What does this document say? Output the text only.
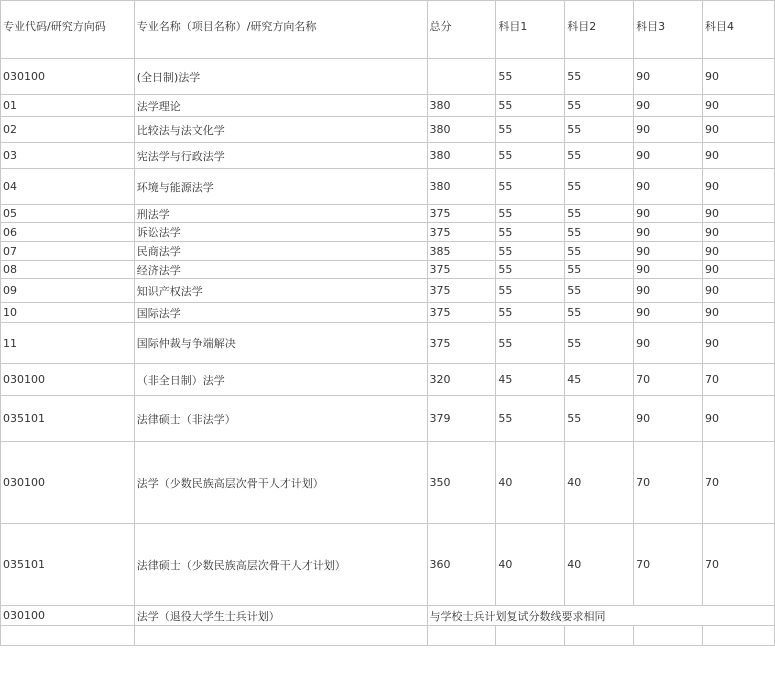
专业代码/研究方向码	专业名称（项目名称）/研究方向名称	总分	科目1	科目2	科目3	科目4
030100	(全日制)法学		55	55	90	90
01	法学理论	380	55	55	90	90
02	比较法与法文化学	380	55	55	90	90
03	宪法学与行政法学	380	55	55	90	90
04	环境与能源法学	380	55	55	90	90
05	刑法学	375	55	55	90	90
06	诉讼法学	375	55	55	90	90
07	民商法学	385	55	55	90	90
08	经济法学	375	55	55	90	90
09	知识产权法学	375	55	55	90	90
10	国际法学	375	55	55	90	90
11	国际仲裁与争端解决	375	55	55	90	90
030100	（非全日制）法学	320	45	45	70	70
035101	法律硕士（非法学）	379	55	55	90	90
030100	法学（少数民族高层次骨干人才计划）	350	40	40	70	70
035101	法律硕士（少数民族高层次骨干人才计划）	360	40	40	70	70
030100	法学（退役大学生士兵计划）	与学校士兵计划复试分数线要求相同				
